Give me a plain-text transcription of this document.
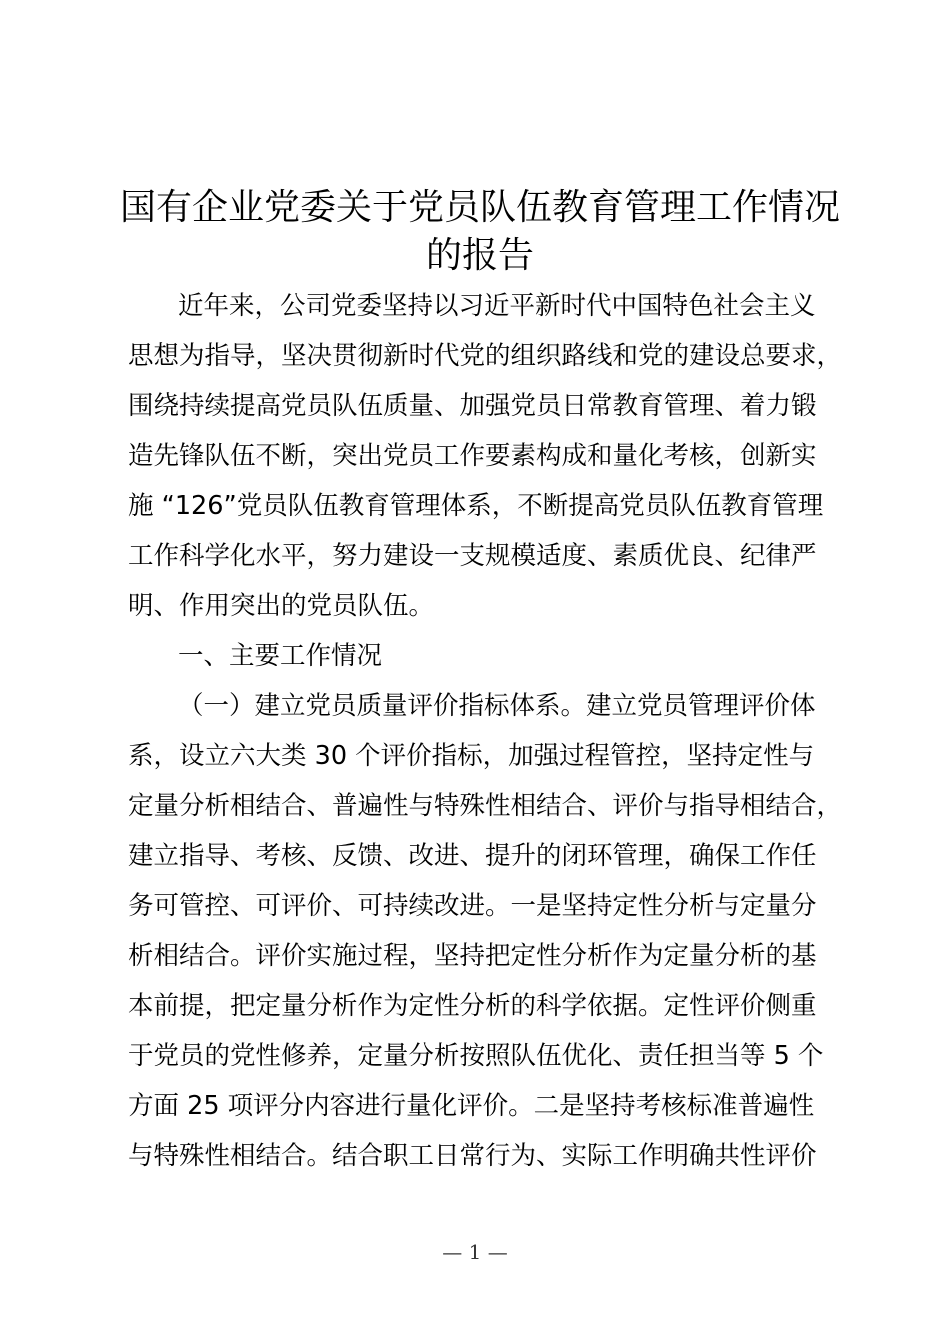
国有企业党委关于党员队伍教育管理工作情况
的报告
近年来，公司党委坚持以习近平新时代中国特色社会主义
思想为指导，坚决贯彻新时代党的组织路线和党的建设总要求，
围绕持续提高党员队伍质量、加强党员日常教育管理、着力锻
造先锋队伍不断，突出党员工作要素构成和量化考核，创新实
施 “126”党员队伍教育管理体系，不断提高党员队伍教育管理
工作科学化水平，努力建设一支规模适度、素质优良、纪律严
明、作用突出的党员队伍。
一、主要工作情况
（一）建立党员质量评价指标体系。建立党员管理评价体
系，设立六大类 30 个评价指标，加强过程管控，坚持定性与
定量分析相结合、普遍性与特殊性相结合、评价与指导相结合，
建立指导、考核、反馈、改进、提升的闭环管理，确保工作任
务可管控、可评价、可持续改进。一是坚持定性分析与定量分
析相结合。评价实施过程，坚持把定性分析作为定量分析的基
本前提，把定量分析作为定性分析的科学依据。定性评价侧重
于党员的党性修养，定量分析按照队伍优化、责任担当等 5 个
方面 25 项评分内容进行量化评价。二是坚持考核标准普遍性
与特殊性相结合。结合职工日常行为、实际工作明确共性评价
— 1 —
